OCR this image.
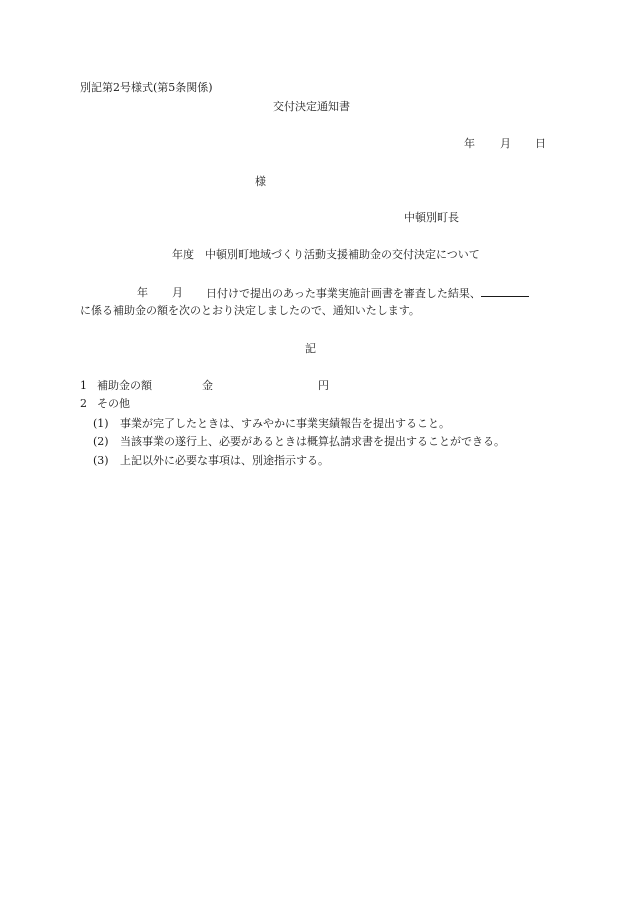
別記第2号様式(第5条関係)
交付決定通知書
年 月 日
様
中頓別町長
年度　中頓別町地域づくり活動支援補助金の交付決定について
年 月 日付けで提出のあった事業実施計画書を審査した結果、
に係る補助金の額を次のとおり決定しましたので、通知いたします。
記
1 補助金の額	金	円
2 その他
(1) 事業が完了したときは、すみやかに事業実績報告を提出すること。
(2) 当該事業の遂行上、必要があるときは概算払請求書を提出することができる。
(3) 上記以外に必要な事項は、別途指示する。
